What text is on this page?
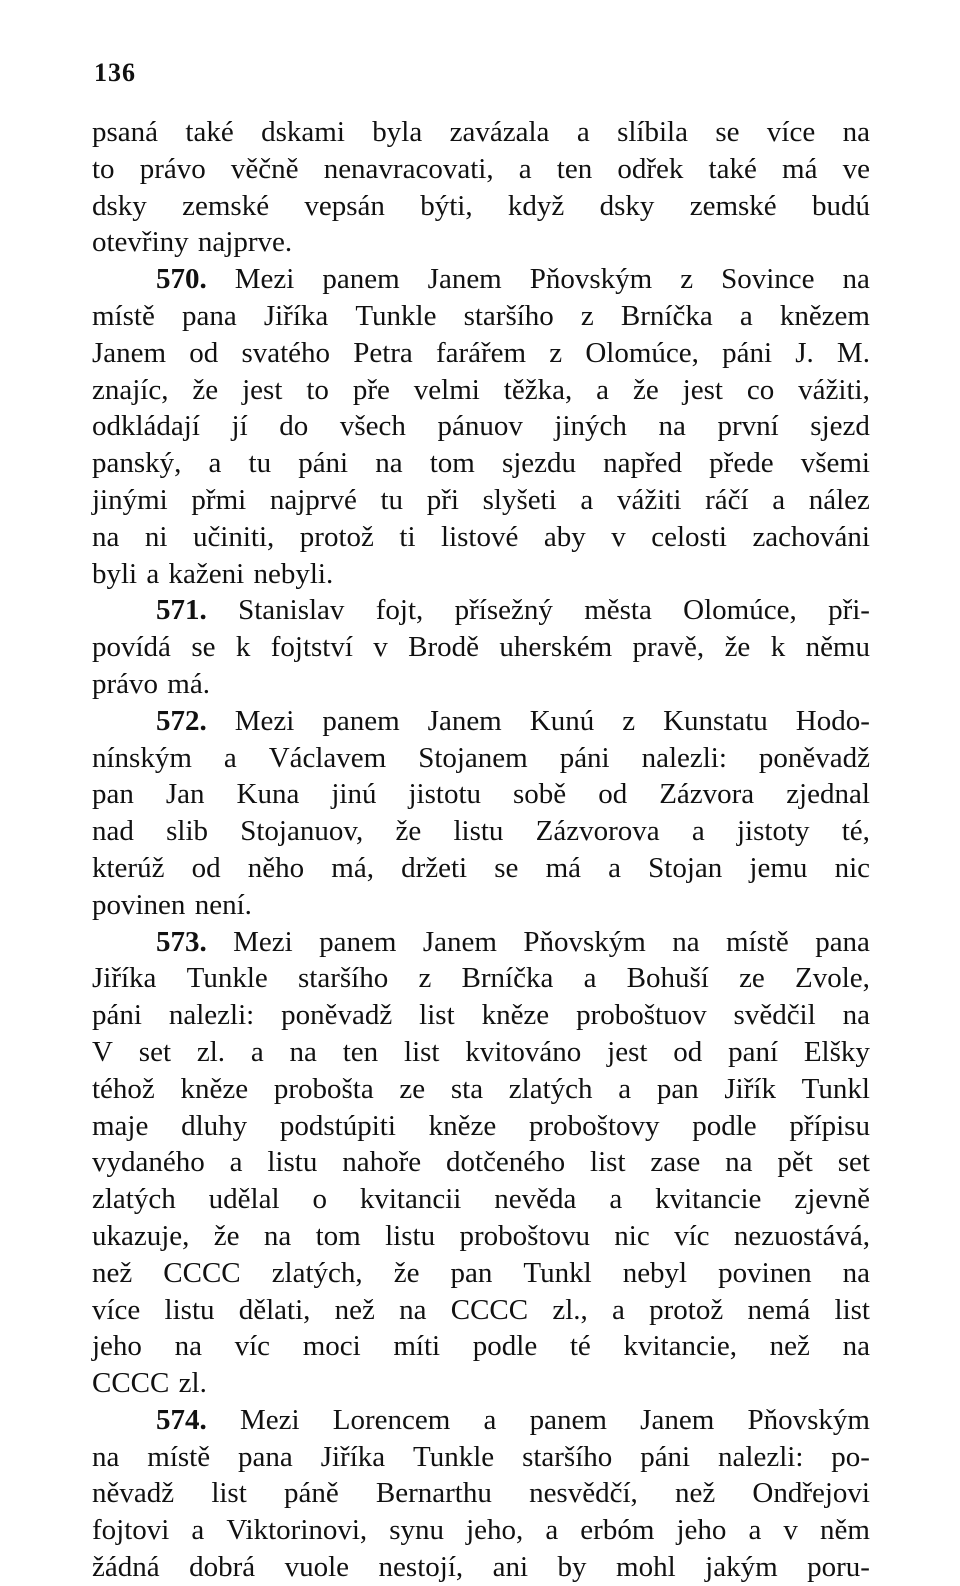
136
psaná také dskami byla zavázala a slíbila se více na
to právo věčně nenavracovati, a ten odřek také má ve
dsky zemské vepsán býti, když dsky zemské budú
otevřiny najprve.
570. Mezi panem Janem Pňovským z Sovince na
místě pana Jiříka Tunkle staršího z Brníčka a knězem
Janem od svatého Petra farářem z Olomúce, páni J. M.
znajíc, že jest to pře velmi těžka, a že jest co vážiti,
odkládají jí do všech pánuov jiných na první sjezd
panský, a tu páni na tom sjezdu napřed přede všemi
jinými přmi najprvé tu při slyšeti a vážiti ráčí a nález
na ni učiniti, protož ti listové aby v celosti zachováni
byli a kaženi nebyli.
571. Stanislav fojt, přísežný města Olomúce, při-
povídá se k fojtství v Brodě uherském pravě, že k němu
právo má.
572. Mezi panem Janem Kunú z Kunstatu Hodo-
nínským a Václavem Stojanem páni nalezli: poněvadž
pan Jan Kuna jinú jistotu sobě od Zázvora zjednal
nad slib Stojanuov, že listu Zázvorova a jistoty té,
kterúž od něho má, držeti se má a Stojan jemu nic
povinen není.
573. Mezi panem Janem Pňovským na místě pana
Jiříka Tunkle staršího z Brníčka a Bohuší ze Zvole,
páni nalezli: poněvadž list kněze proboštuov svědčil na
V set zl. a na ten list kvitováno jest od paní Elšky
téhož kněze probošta ze sta zlatých a pan Jiřík Tunkl
maje dluhy podstúpiti kněze proboštovy podle přípisu
vydaného a listu nahoře dotčeného list zase na pět set
zlatých udělal o kvitancii nevěda a kvitancie zjevně
ukazuje, že na tom listu proboštovu nic víc nezuostává,
než CCCC zlatých, že pan Tunkl nebyl povinen na
více listu dělati, než na CCCC zl., a protož nemá list
jeho na víc moci míti podle té kvitancie, než na
CCCC zl.
574. Mezi Lorencem a panem Janem Pňovským
na místě pana Jiříka Tunkle staršího páni nalezli: po-
něvadž list páně Bernarthu nesvědčí, než Ondřejovi
fojtovi a Viktorinovi, synu jeho, a erbóm jeho a v něm
žádná dobrá vuole nestojí, ani by mohl jakým poru-
